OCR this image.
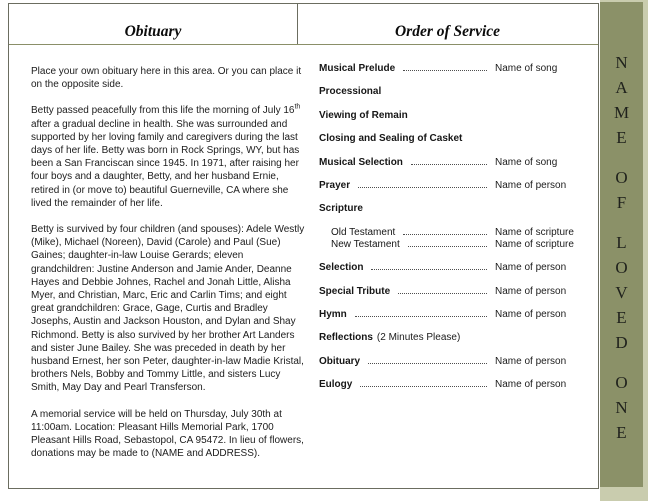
Obituary	Order of Service
Place your own obituary here in this area. Or you can place it on the opposite side.
Betty passed peacefully from this life the morning of July 16th after a gradual decline in health. She was surrounded and supported by her loving family and caregivers during the last days of her life. Betty was born in Rock Springs, WY, but has been a San Franciscan since 1945. In 1971, after raising her four boys and a daughter, Betty, and her husband Ernie, retired in (or move to) beautiful Guerneville, CA where she lived the remainder of her life.
Betty is survived by four children (and spouses): Adele Westly (Mike), Michael (Noreen), David (Carole) and Paul (Sue) Gaines; daughter-in-law Louise Gerards; eleven grandchildren: Justine Anderson and Jamie Ander, Deanne Hayes and Debbie Johnes, Rachel and Jonah Little, Alisha Myer, and Christian, Marc, Eric and Carlin Tims; and eight great grandchildren: Grace, Gage, Curtis and Bradley Josephs, Austin and Jackson Houston, and Dylan and Shay Richmond. Betty is also survived by her brother Art Landers and sister June Bailey. She was preceded in death by her husband Ernest, her son Peter, daughter-in-law Madie Kristal, brothers Nels, Bobby and Tommy Little, and sisters Lucy Smith, May Day and Pearl Transferson.
A memorial service will be held on Thursday, July 30th at 11:00am. Location: Pleasant Hills Memorial Park, 1700 Pleasant Hills Road, Sebastopol, CA 95472. In lieu of flowers, donations may be made to (NAME and ADDRESS).
Musical Prelude	Name of song
Processional
Viewing of Remain
Closing and Sealing of Casket
Musical Selection	Name of song
Prayer	Name of person
Scripture
Old Testament	Name of scripture
New Testament	Name of scripture
Selection	Name of person
Special Tribute	Name of person
Hymn	Name of person
Reflections (2 Minutes Please)
Obituary	Name of person
Eulogy	Name of person
N
A
M
E
O
F
L
O
V
E
D
O
N
E
